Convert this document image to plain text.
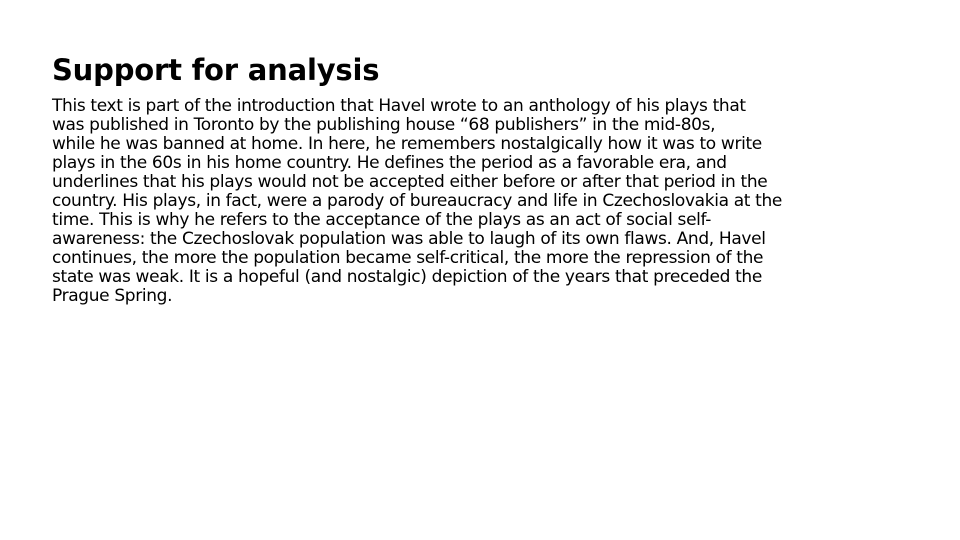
Support for analysis
This text is part of the introduction that Havel wrote to an anthology of his plays that
was published in Toronto by the publishing house “68 publishers” in the mid-80s,
while he was banned at home. In here, he remembers nostalgically how it was to write
plays in the 60s in his home country. He defines the period as a favorable era, and
underlines that his plays would not be accepted either before or after that period in the
country. His plays, in fact, were a parody of bureaucracy and life in Czechoslovakia at the
time. This is why he refers to the acceptance of the plays as an act of social self-
awareness: the Czechoslovak population was able to laugh of its own flaws. And, Havel
continues, the more the population became self-critical, the more the repression of the
state was weak. It is a hopeful (and nostalgic) depiction of the years that preceded the
Prague Spring.
